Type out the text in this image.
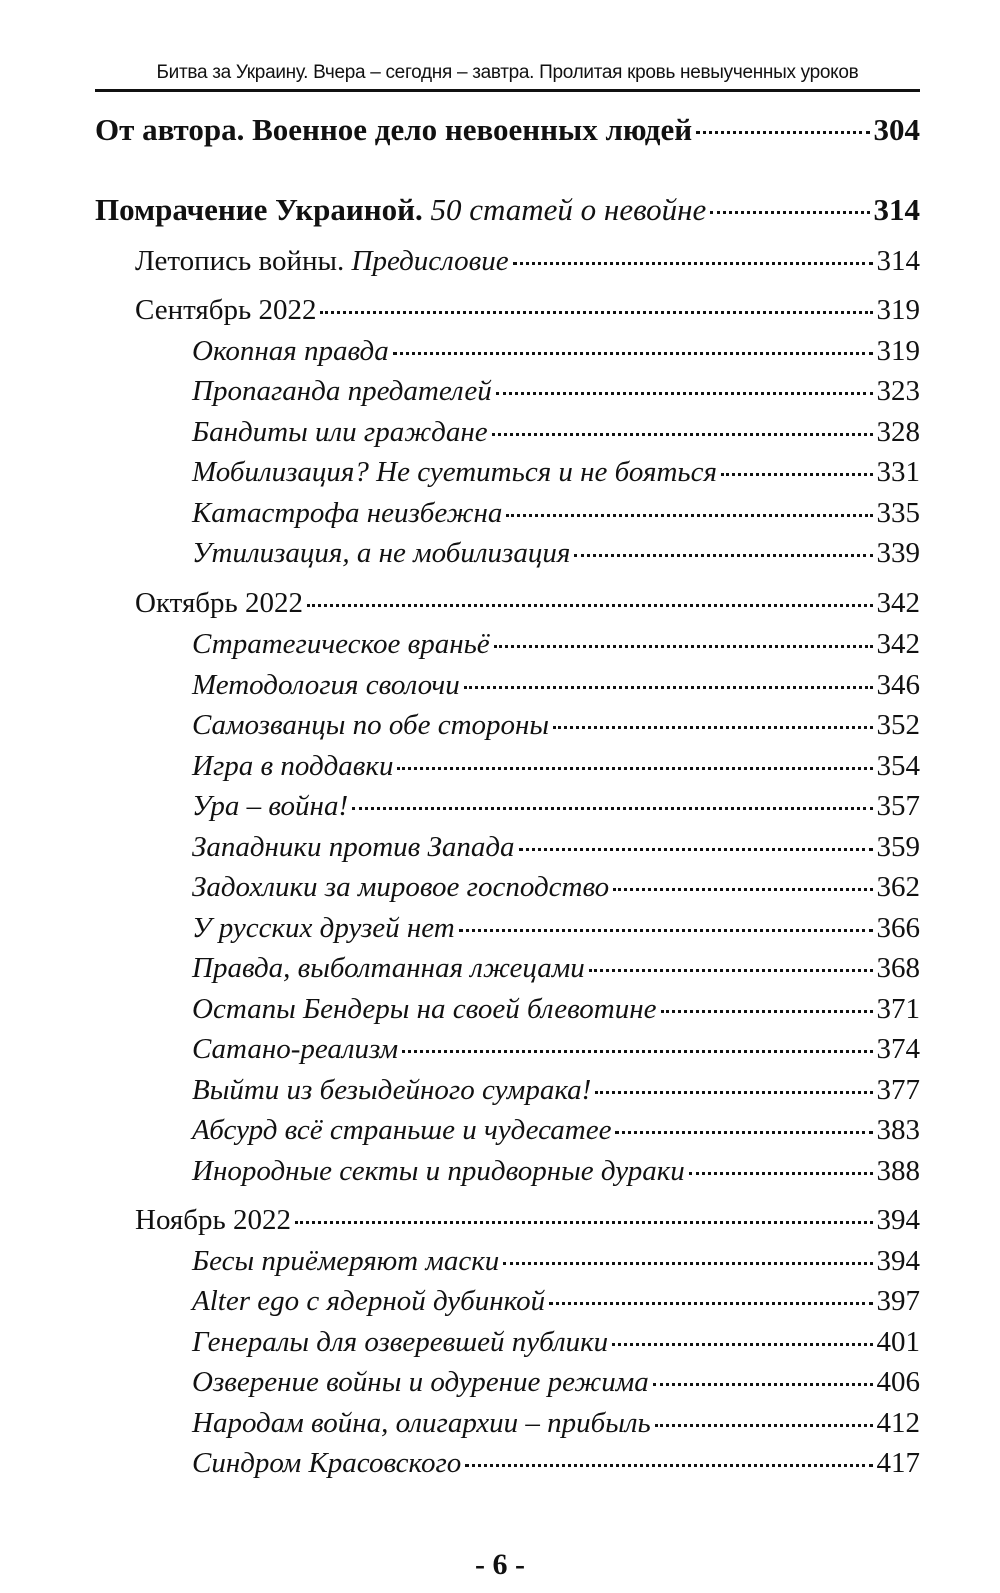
Битва за Украину. Вчера – сегодня – завтра. Пролитая кровь невыученных уроков
От автора. Военное дело невоенных людей	304
Помрачение Украиной. 50 статей о невойне	314
Летопись войны. Предисловие	314
Сентябрь 2022	319
Окопная правда	319
Пропаганда предателей	323
Бандиты или граждане	328
Мобилизация? Не суетиться и не бояться	331
Катастрофа неизбежна	335
Утилизация, а не мобилизация	339
Октябрь 2022	342
Стратегическое враньё	342
Методология сволочи	346
Самозванцы по обе стороны	352
Игра в поддавки	354
Ура – война!	357
Западники против Запада	359
Задохлики за мировое господство	362
У русских друзей нет	366
Правда, выболтанная лжецами	368
Остапы Бендеры на своей блевотине	371
Сатано-реализм	374
Выйти из безыдейного сумрака!	377
Абсурд всё страньше и чудесатее	383
Инородные секты и придворные дураки	388
Ноябрь 2022	394
Бесы приёмеряют маски	394
Alter ego с ядерной дубинкой	397
Генералы для озверевшей публики	401
Озверение войны и одурение режима	406
Народам война, олигархии – прибыль	412
Синдром Красовского	417
- 6 -
